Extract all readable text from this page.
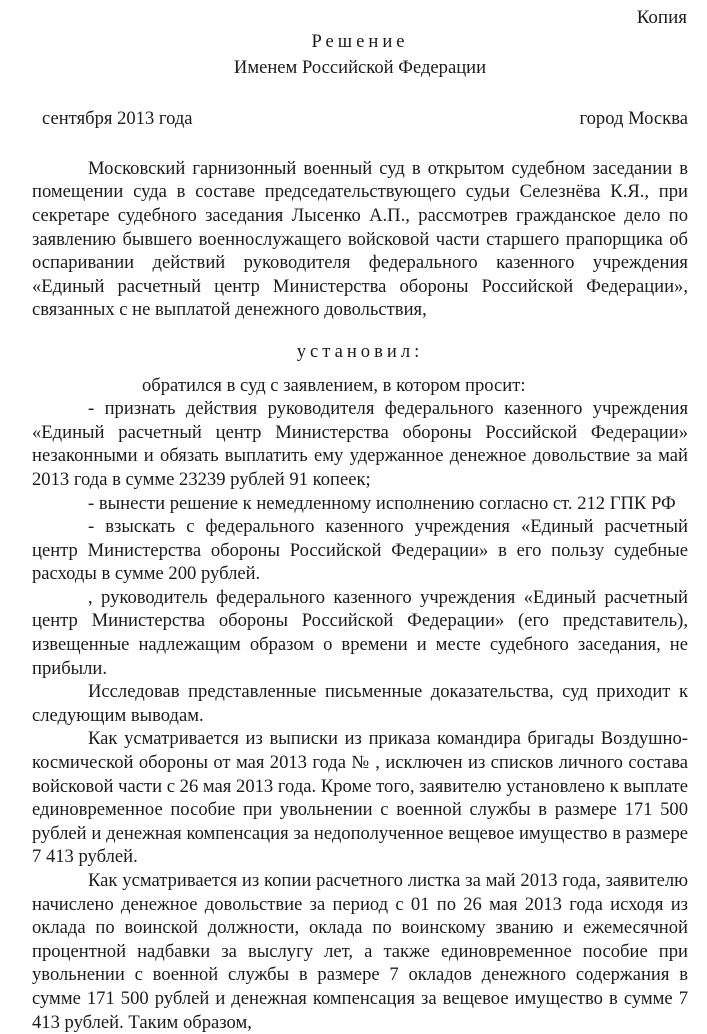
Копия
Решение
Именем Российской Федерации
сентября 2013 года	город Москва

Московский гарнизонный военный суд в открытом судебном заседании в помещении суда в составе председательствующего судьи Селезнёва К.Я., при секретаре судебного заседания Лысенко А.П., рассмотрев гражданское дело по заявлению бывшего военнослужащего войсковой части старшего прапорщика об оспаривании действий руководителя федерального казенного учреждения «Единый расчетный центр Министерства обороны Российской Федерации», связанных с не выплатой денежного довольствия,

установил:

обратился в суд с заявлением, в котором просит:

- признать действия руководителя федерального казенного учреждения «Единый расчетный центр Министерства обороны Российской Федерации» незаконными и обязать выплатить ему удержанное денежное довольствие за май 2013 года в сумме 23239 рублей 91 копеек;

- вынести решение к немедленному исполнению согласно ст. 212 ГПК РФ

- взыскать с федерального казенного учреждения «Единый расчетный центр Министерства обороны Российской Федерации» в его пользу судебные расходы в сумме 200 рублей.

, руководитель федерального казенного учреждения «Единый расчетный центр Министерства обороны Российской Федерации» (его представитель), извещенные надлежащим образом о времени и месте судебного заседания, не прибыли.

Исследовав представленные письменные доказательства, суд приходит к следующим выводам.

Как усматривается из выписки из приказа командира бригады Воздушно-космической обороны от мая 2013 года № , исключен из списков личного состава войсковой части с 26 мая 2013 года. Кроме того, заявителю установлено к выплате единовременное пособие при увольнении с военной службы в размере 171 500 рублей и денежная компенсация за недополученное вещевое имущество в размере 7 413 рублей.

Как усматривается из копии расчетного листка за май 2013 года, заявителю начислено денежное довольствие за период с 01 по 26 мая 2013 года исходя из оклада по воинской должности, оклада по воинскому званию и ежемесячной процентной надбавки за выслугу лет, а также единовременное пособие при увольнении с военной службы в размере 7 окладов денежного содержания в сумме 171 500 рублей и денежная компенсация за вещевое имущество в сумме 7 413 рублей. Таким образом,
